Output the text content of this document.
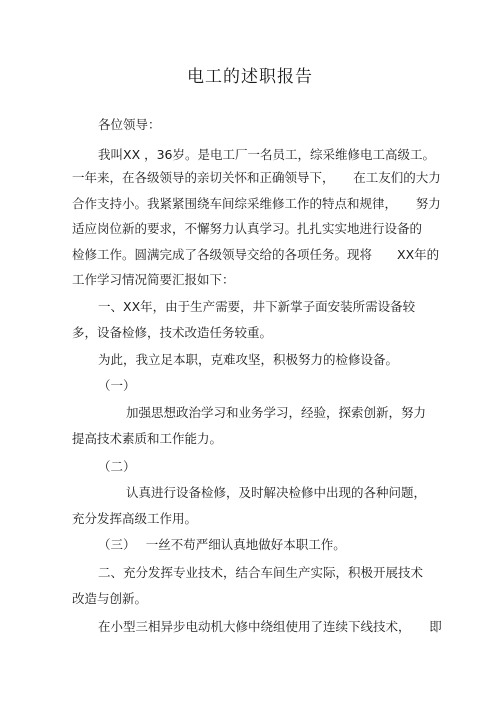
电工的述职报告
各位领导：
我叫XX ，36岁。是电工厂一名员工，综采维修电工高级工。
一年来，在各级领导的亲切关怀和正确领导下，　　在工友们的大力
合作支持小。我紧紧围绕车间综采维修工作的特点和规律，　　努力
适应岗位新的要求，不懈努力认真学习。扎扎实实地进行设备的
检修工作。圆满完成了各级领导交给的各项任务。现将　　XX年的
工作学习情况简要汇报如下：
一、XX年，由于生产需要，井下新掌子面安装所需设备较
多，设备检修，技术改造任务较重。
为此，我立足本职，克难攻坚，积极努力的检修设备。
（一）
加强思想政治学习和业务学习，经验，探索创新，努力
提高技术素质和工作能力。
（二）
认真进行设备检修，及时解决检修中出现的各种问题，
充分发挥高级工作用。
（三）　 一丝不苟严细认真地做好本职工作。
二、充分发挥专业技术，结合车间生产实际，积极开展技术
改造与创新。
在小型三相异步电动机大修中绕组使用了连续下线技术，　　即
